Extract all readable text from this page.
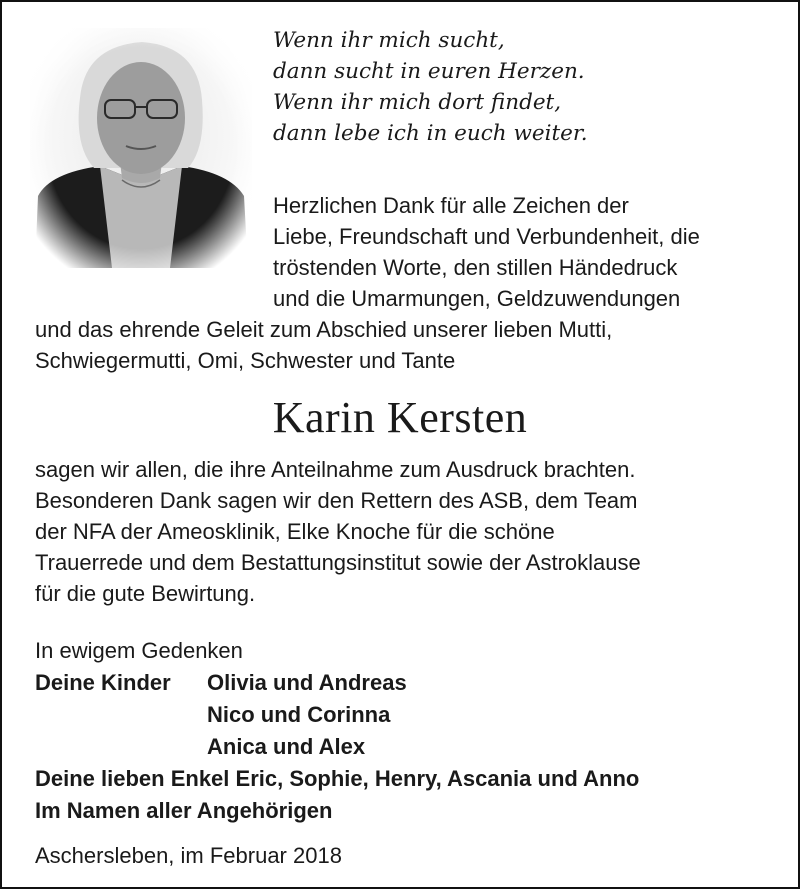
Wenn ihr mich sucht,
dann sucht in euren Herzen.
Wenn ihr mich dort findet,
dann lebe ich in euch weiter.

Herzlichen Dank für alle Zeichen der
Liebe, Freundschaft und Verbundenheit, die
tröstenden Worte, den stillen Händedruck
und die Umarmungen, Geldzuwendungen

und das ehrende Geleit zum Abschied unserer lieben Mutti,
Schwiegermutti, Omi, Schwester und Tante

Karin Kersten

sagen wir allen, die ihre Anteilnahme zum Ausdruck brachten.
Besonderen Dank sagen wir den Rettern des ASB, dem Team
der NFA der Ameosklinik, Elke Knoche für die schöne
Trauerrede und dem Bestattungsinstitut sowie der Astroklause
für die gute Bewirtung.

In ewigem Gedenken
Deine Kinder Olivia und Andreas
Nico und Corinna
Anica und Alex
Deine lieben Enkel Eric, Sophie, Henry, Ascania und Anno
Im Namen aller Angehörigen
Aschersleben, im Februar 2018
